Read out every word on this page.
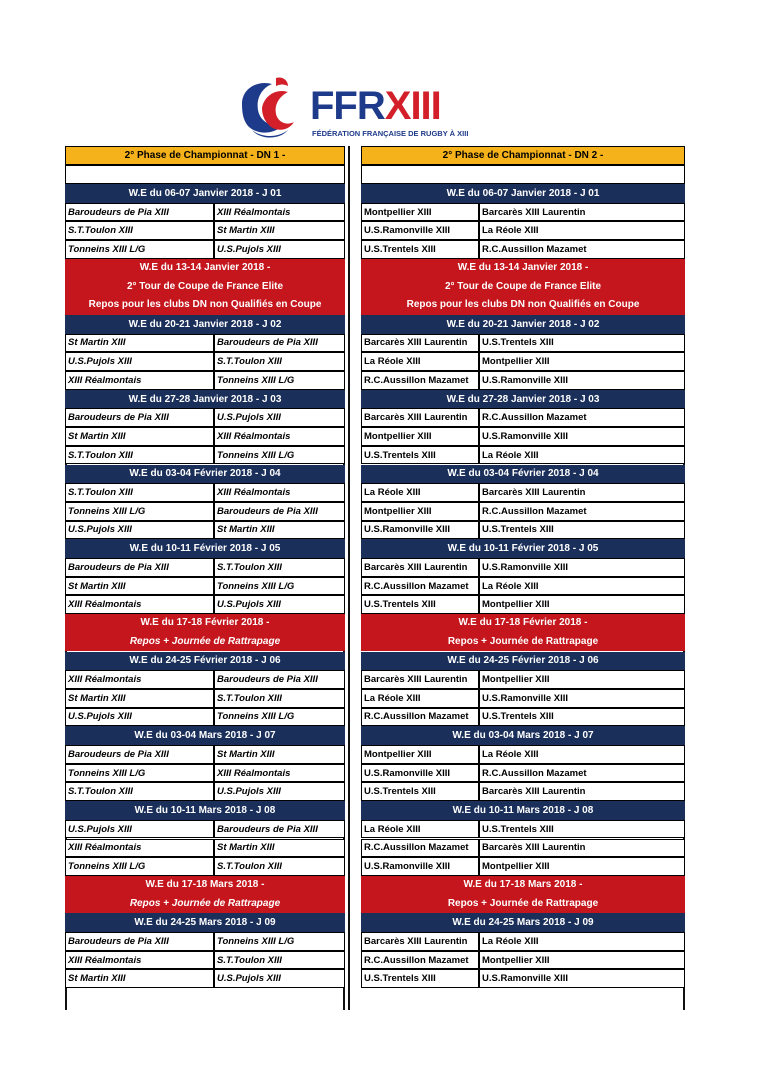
FFRXIII
FÉDÉRATION FRANÇAISE DE RUGBY À XIII
2° Phase de Championnat - DN 1 -	2° Phase de Championnat - DN 2 -
W.E du 06-07 Janvier 2018 - J 01	W.E du 06-07 Janvier 2018 - J 01
Baroudeurs de Pia XIII	XIII Réalmontais	Montpellier XIII	Barcarès XIII Laurentin
S.T.Toulon XIII	St Martin XIII	U.S.Ramonville XIII	La Réole XIII
Tonneins XIII L/G	U.S.Pujols XIII	U.S.Trentels XIII	R.C.Aussillon Mazamet
W.E du 13-14 Janvier 2018 -
2° Tour de Coupe de France Elite
Repos pour les clubs DN non Qualifiés en Coupe
W.E du 13-14 Janvier 2018 -
2° Tour de Coupe de France Elite
Repos pour les clubs DN non Qualifiés en Coupe
W.E du 20-21 Janvier 2018 - J 02	W.E du 20-21 Janvier 2018 - J 02
St Martin XIII	Baroudeurs de Pia XIII	Barcarès XIII Laurentin	U.S.Trentels XIII
U.S.Pujols XIII	S.T.Toulon XIII	La Réole XIII	Montpellier XIII
XIII Réalmontais	Tonneins XIII L/G	R.C.Aussillon Mazamet	U.S.Ramonville XIII
W.E du 27-28 Janvier 2018 - J 03	W.E du 27-28 Janvier 2018 - J 03
Baroudeurs de Pia XIII	U.S.Pujols XIII	Barcarès XIII Laurentin	R.C.Aussillon Mazamet
St Martin XIII	XIII Réalmontais	Montpellier XIII	U.S.Ramonville XIII
S.T.Toulon XIII	Tonneins XIII L/G	U.S.Trentels XIII	La Réole XIII
W.E du 03-04 Février 2018 - J 04	W.E du 03-04 Février 2018 - J 04
S.T.Toulon XIII	XIII Réalmontais	La Réole XIII	Barcarès XIII Laurentin
Tonneins XIII L/G	Baroudeurs de Pia XIII	Montpellier XIII	R.C.Aussillon Mazamet
U.S.Pujols XIII	St Martin XIII	U.S.Ramonville XIII	U.S.Trentels XIII
W.E du 10-11 Février 2018 - J 05	W.E du 10-11 Février 2018 - J 05
Baroudeurs de Pia XIII	S.T.Toulon XIII	Barcarès XIII Laurentin	U.S.Ramonville XIII
St Martin XIII	Tonneins XIII L/G	R.C.Aussillon Mazamet	La Réole XIII
XIII Réalmontais	U.S.Pujols XIII	U.S.Trentels XIII	Montpellier XIII
W.E du 17-18 Février 2018 -
Repos + Journée de Rattrapage
W.E du 17-18 Février 2018 -
Repos + Journée de Rattrapage
W.E du 24-25 Février 2018 - J 06	W.E du 24-25 Février 2018 - J 06
XIII Réalmontais	Baroudeurs de Pia XIII	Barcarès XIII Laurentin	Montpellier XIII
St Martin XIII	S.T.Toulon XIII	La Réole XIII	U.S.Ramonville XIII
U.S.Pujols XIII	Tonneins XIII L/G	R.C.Aussillon Mazamet	U.S.Trentels XIII
W.E du 03-04 Mars 2018 - J 07	W.E du 03-04 Mars 2018 - J 07
Baroudeurs de Pia XIII	St Martin XIII	Montpellier XIII	La Réole XIII
Tonneins XIII L/G	XIII Réalmontais	U.S.Ramonville XIII	R.C.Aussillon Mazamet
S.T.Toulon XIII	U.S.Pujols XIII	U.S.Trentels XIII	Barcarès XIII Laurentin
W.E du 10-11 Mars 2018 - J 08	W.E du 10-11 Mars 2018 - J 08
U.S.Pujols XIII	Baroudeurs de Pia XIII	La Réole XIII	U.S.Trentels XIII
XIII Réalmontais	St Martin XIII	R.C.Aussillon Mazamet	Barcarès XIII Laurentin
Tonneins XIII L/G	S.T.Toulon XIII	U.S.Ramonville XIII	Montpellier XIII
W.E du 17-18 Mars 2018 -
Repos + Journée de Rattrapage
W.E du 17-18 Mars 2018 -
Repos + Journée de Rattrapage
W.E du 24-25 Mars 2018 - J 09	W.E du 24-25 Mars 2018 - J 09
Baroudeurs de Pia XIII	Tonneins XIII L/G	Barcarès XIII Laurentin	La Réole XIII
XIII Réalmontais	S.T.Toulon XIII	R.C.Aussillon Mazamet	Montpellier XIII
St Martin XIII	U.S.Pujols XIII	U.S.Trentels XIII	U.S.Ramonville XIII
